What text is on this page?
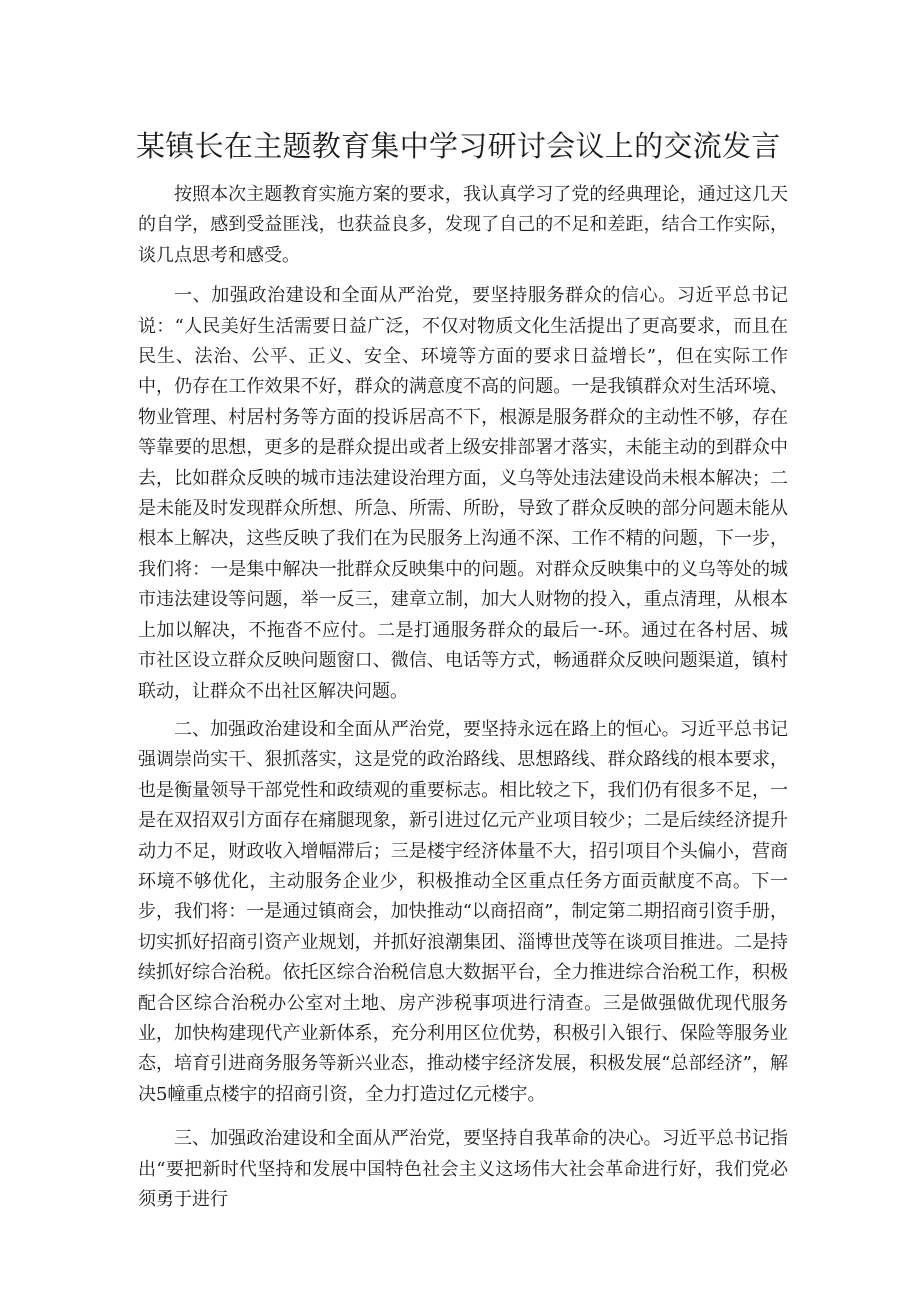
某镇长在主题教育集中学习研讨会议上的交流发言

按照本次主题教育实施方案的要求，我认真学习了党的经典理论，通过这几天的自学，感到受益匪浅，也获益良多，发现了自己的不足和差距，结合工作实际，谈几点思考和感受。

一、加强政治建设和全面从严治党，要坚持服务群众的信心。习近平总书记说：“人民美好生活需要日益广泛，不仅对物质文化生活提出了更高要求，而且在民生、法治、公平、正义、安全、环境等方面的要求日益增长”，但在实际工作中，仍存在工作效果不好，群众的满意度不高的问题。一是我镇群众对生活环境、物业管理、村居村务等方面的投诉居高不下，根源是服务群众的主动性不够，存在等靠要的思想，更多的是群众提出或者上级安排部署才落实，未能主动的到群众中去，比如群众反映的城市违法建设治理方面，义乌等处违法建设尚未根本解决；二是未能及时发现群众所想、所急、所需、所盼，导致了群众反映的部分问题未能从根本上解决，这些反映了我们在为民服务上沟通不深、工作不精的问题，下一步，我们将：一是集中解决一批群众反映集中的问题。对群众反映集中的义乌等处的城市违法建设等问题，举一反三，建章立制，加大人财物的投入，重点清理，从根本上加以解决，不拖沓不应付。二是打通服务群众的最后一-环。通过在各村居、城市社区设立群众反映问题窗口、微信、电话等方式，畅通群众反映问题渠道，镇村联动，让群众不出社区解决问题。

二、加强政治建设和全面从严治党，要坚持永远在路上的恒心。习近平总书记强调崇尚实干、狠抓落实，这是党的政治路线、思想路线、群众路线的根本要求，也是衡量领导干部党性和政绩观的重要标志。相比较之下，我们仍有很多不足，一是在双招双引方面存在痛腿现象，新引进过亿元产业项目较少；二是后续经济提升动力不足，财政收入增幅滞后；三是楼宇经济体量不大，招引项目个头偏小，营商环境不够优化，主动服务企业少，积极推动全区重点任务方面贡献度不高。下一步，我们将：一是通过镇商会，加快推动“以商招商”，制定第二期招商引资手册，切实抓好招商引资产业规划，并抓好浪潮集团、淄博世茂等在谈项目推进。二是持续抓好综合治税。依托区综合治税信息大数据平台，全力推进综合治税工作，积极配合区综合治税办公室对土地、房产涉税事项进行清查。三是做强做优现代服务业，加快构建现代产业新体系，充分利用区位优势，积极引入银行、保险等服务业态，培育引进商务服务等新兴业态，推动楼宇经济发展，积极发展“总部经济”，解决5幢重点楼宇的招商引资，全力打造过亿元楼宇。

三、加强政治建设和全面从严治党，要坚持自我革命的决心。习近平总书记指出“要把新时代坚持和发展中国特色社会主义这场伟大社会革命进行好，我们党必须勇于进行
